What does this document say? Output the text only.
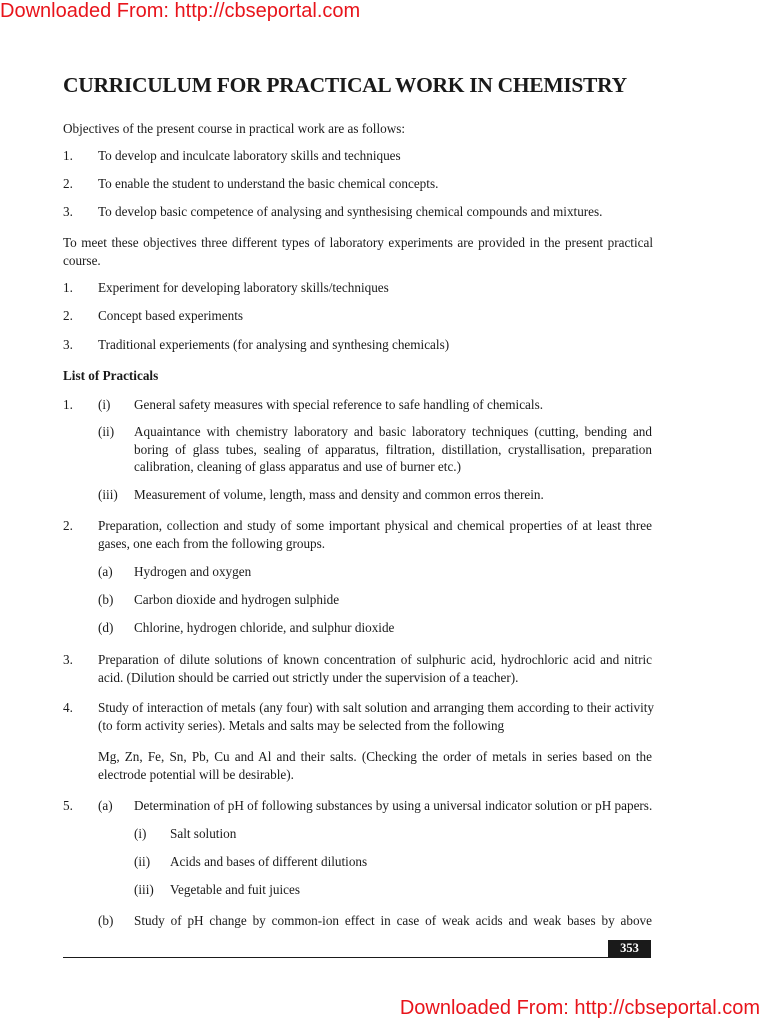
Downloaded From: http://cbseportal.com
CURRICULUM FOR PRACTICAL WORK IN CHEMISTRY
Objectives of the present course in practical work are as follows:
1. To develop and inculcate laboratory skills and techniques
2. To enable the student to understand the basic chemical concepts.
3. To develop basic competence of analysing and synthesising chemical compounds and mixtures.
To meet these objectives three different types of laboratory experiments are provided in the present practical course.
1. Experiment for developing laboratory skills/techniques
2. Concept based experiments
3. Traditional experiements (for analysing and synthesing chemicals)
List of Practicals
1. (i) General safety measures with special reference to safe handling of chemicals.
(ii) Aquaintance with chemistry laboratory and basic laboratory techniques (cutting, bending and boring of glass tubes, sealing of apparatus, filtration, distillation, crystallisation, preparation calibration, cleaning of glass apparatus and use of burner etc.)
(iii) Measurement of volume, length, mass and density and common erros therein.
2. Preparation, collection and study of some important physical and chemical properties of at least three gases, one each from the following groups.
(a) Hydrogen and oxygen
(b) Carbon dioxide and hydrogen sulphide
(d) Chlorine, hydrogen chloride, and sulphur dioxide
3. Preparation of dilute solutions of known concentration of sulphuric acid, hydrochloric acid and nitric acid. (Dilution should be carried out strictly under the supervision of a teacher).
4. Study of interaction of metals (any four) with salt solution and arranging them according to their activity (to form activity series). Metals and salts may be selected from the following
Mg, Zn, Fe, Sn, Pb, Cu and Al and their salts. (Checking the order of metals in series based on the electrode potential will be desirable).
5. (a) Determination of pH of following substances by using a universal indicator solution or pH papers.
(i) Salt solution
(ii) Acids and bases of different dilutions
(iii) Vegetable and fuit juices
(b) Study of pH change by common-ion effect in case of weak acids and weak bases by above
353
Downloaded From: http://cbseportal.com
